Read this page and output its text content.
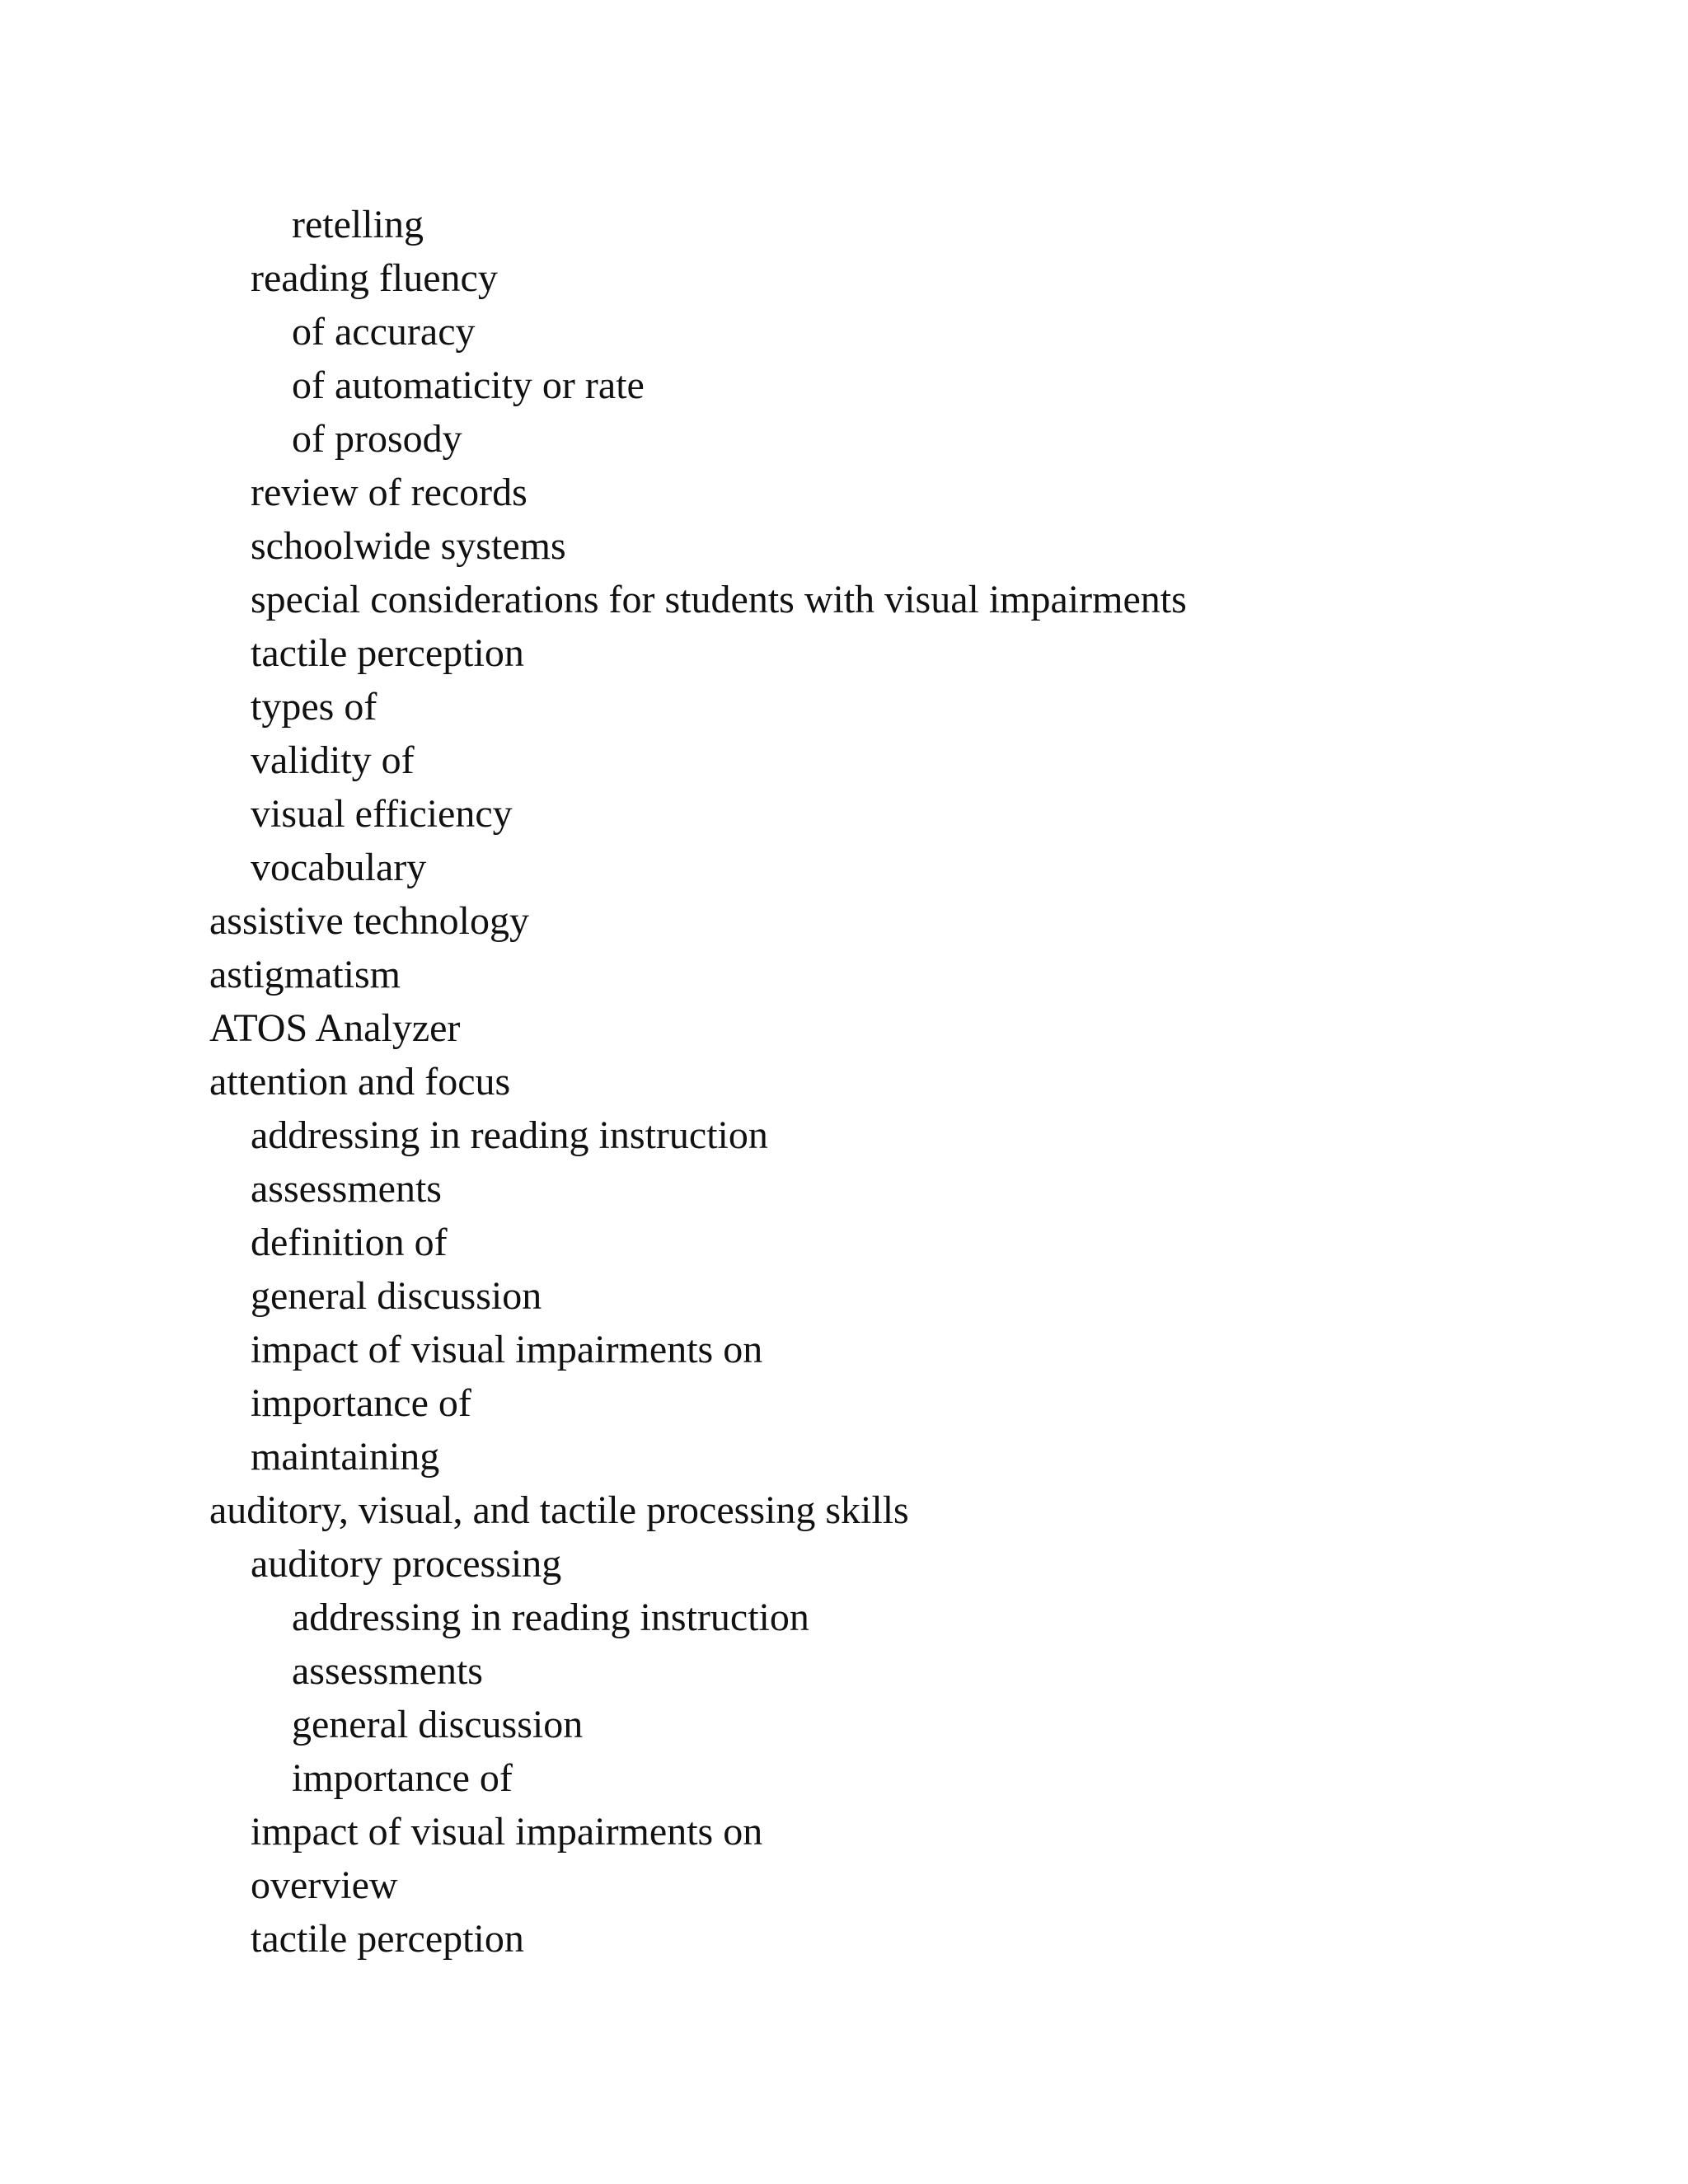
retelling
reading fluency
of accuracy
of automaticity or rate
of prosody
review of records
schoolwide systems
special considerations for students with visual impairments
tactile perception
types of
validity of
visual efficiency
vocabulary
assistive technology
astigmatism
ATOS Analyzer
attention and focus
addressing in reading instruction
assessments
definition of
general discussion
impact of visual impairments on
importance of
maintaining
auditory, visual, and tactile processing skills
auditory processing
addressing in reading instruction
assessments
general discussion
importance of
impact of visual impairments on
overview
tactile perception
